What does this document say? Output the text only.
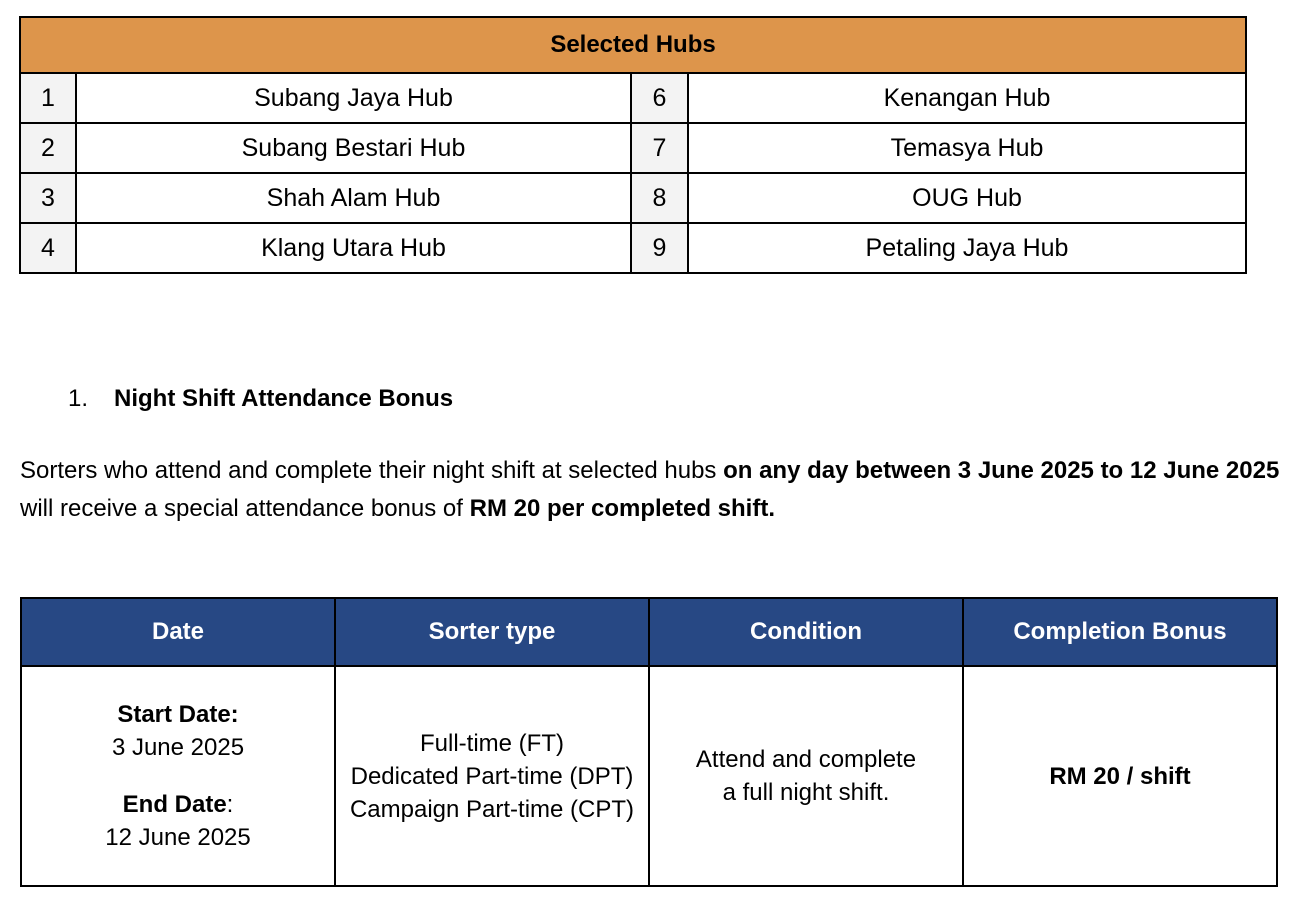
Selected Hubs			
1	Subang Jaya Hub	6	Kenangan Hub
2	Subang Bestari Hub	7	Temasya Hub
3	Shah Alam Hub	8	OUG Hub
4	Klang Utara Hub	9	Petaling Jaya Hub
1. Night Shift Attendance Bonus

Sorters who attend and complete their night shift at selected hubs on any day between 3 June 2025 to 12 June 2025 will receive a special attendance bonus of RM 20 per completed shift.

Date	Sorter type	Condition	Completion Bonus

Start Date:
3 June 2025
End Date:
12 June 2025	Full-time (FT)
Dedicated Part-time (DPT)
Campaign Part-time (CPT)	Attend and complete
a full night shift.	RM 20 / shift
